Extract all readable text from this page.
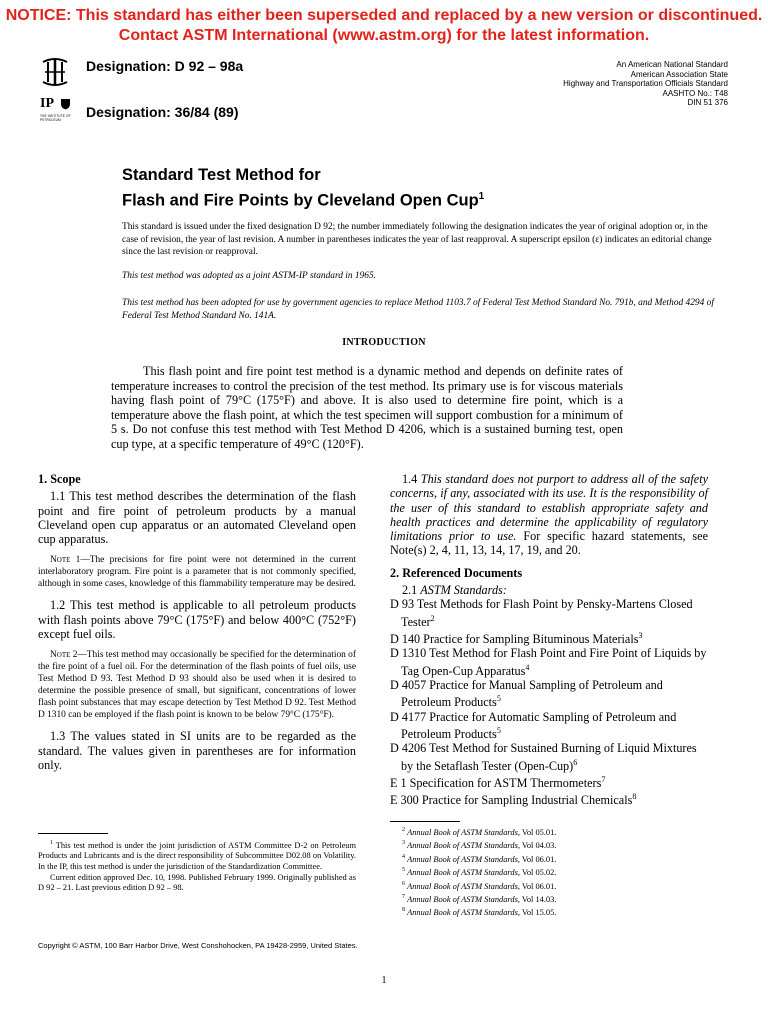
NOTICE: This standard has either been superseded and replaced by a new version or discontinued.
Contact ASTM International (www.astm.org) for the latest information.
IP
THE INSTITUTE OF PETROLEUM
Designation: D 92 – 98a
Designation: 36/84 (89)
An American National Standard
American Association State
Highway and Transportation Officials Standard
AASHTO No.: T48
DIN 51 376
Standard Test Method for
Flash and Fire Points by Cleveland Open Cup$^1$
This standard is issued under the fixed designation D 92; the number immediately following the designation indicates the year of original adoption or, in the case of revision, the year of last revision. A number in parentheses indicates the year of last reapproval. A superscript epsilon (ε) indicates an editorial change since the last revision or reapproval.
This test method was adopted as a joint ASTM-IP standard in 1965.
This test method has been adopted for use by government agencies to replace Method 1103.7 of Federal Test Method Standard No. 791b, and Method 4294 of Federal Test Method Standard No. 141A.
INTRODUCTION
This flash point and fire point test method is a dynamic method and depends on definite rates of temperature increases to control the precision of the test method. Its primary use is for viscous materials having flash point of 79°C (175°F) and above. It is also used to determine fire point, which is a temperature above the flash point, at which the test specimen will support combustion for a minimum of 5 s. Do not confuse this test method with Test Method D 4206, which is a sustained burning test, open cup type, at a specific temperature of 49°C (120°F).

1. Scope

1.1 This test method describes the determination of the flash point and fire point of petroleum products by a manual Cleveland open cup apparatus or an automated Cleveland open cup apparatus.

Note 1—The precisions for fire point were not determined in the current interlaboratory program. Fire point is a parameter that is not commonly specified, although in some cases, knowledge of this flammability temperature may be desired.

1.2 This test method is applicable to all petroleum products with flash points above 79°C (175°F) and below 400°C (752°F) except fuel oils.

Note 2—This test method may occasionally be specified for the determination of the fire point of a fuel oil. For the determination of the flash points of fuel oils, use Test Method D 93. Test Method D 93 should also be used when it is desired to determine the possible presence of small, but significant, concentrations of lower flash point substances that may escape detection by Test Method D 92. Test Method D 1310 can be employed if the flash point is known to be below 79°C (175°F).

1.3 The values stated in SI units are to be regarded as the standard. The values given in parentheses are for information only.

1.4 This standard does not purport to address all of the safety concerns, if any, associated with its use. It is the responsibility of the user of this standard to establish appropriate safety and health practices and determine the applicability of regulatory limitations prior to use. For specific hazard statements, see Note(s) 2, 4, 11, 13, 14, 17, 19, and 20.

2. Referenced Documents

2.1 ASTM Standards:

D 93 Test Methods for Flash Point by Pensky-Martens Closed Tester$^2$

D 140 Practice for Sampling Bituminous Materials$^3$

D 1310 Test Method for Flash Point and Fire Point of Liquids by Tag Open-Cup Apparatus$^4$

D 4057 Practice for Manual Sampling of Petroleum and Petroleum Products$^5$

D 4177 Practice for Automatic Sampling of Petroleum and Petroleum Products$^5$

D 4206 Test Method for Sustained Burning of Liquid Mixtures by the Setaflash Tester (Open-Cup)$^6$

E 1 Specification for ASTM Thermometers$^7$

E 300 Practice for Sampling Industrial Chemicals$^8$

$^1$ This test method is under the joint jurisdiction of ASTM Committee D-2 on Petroleum Products and Lubricants and is the direct responsibility of Subcommittee D02.08 on Volatility. In the IP, this test method is under the jurisdiction of the Standardization Committee.

Current edition approved Dec. 10, 1998. Published February 1999. Originally published as D 92 – 21. Last previous edition D 92 – 98.

$^2$ Annual Book of ASTM Standards, Vol 05.01.

$^3$ Annual Book of ASTM Standards, Vol 04.03.

$^4$ Annual Book of ASTM Standards, Vol 06.01.

$^5$ Annual Book of ASTM Standards, Vol 05.02.

$^6$ Annual Book of ASTM Standards, Vol 06.01.

$^7$ Annual Book of ASTM Standards, Vol 14.03.

$^8$ Annual Book of ASTM Standards, Vol 15.05.

Copyright © ASTM, 100 Barr Harbor Drive, West Conshohocken, PA 19428-2959, United States.
1
